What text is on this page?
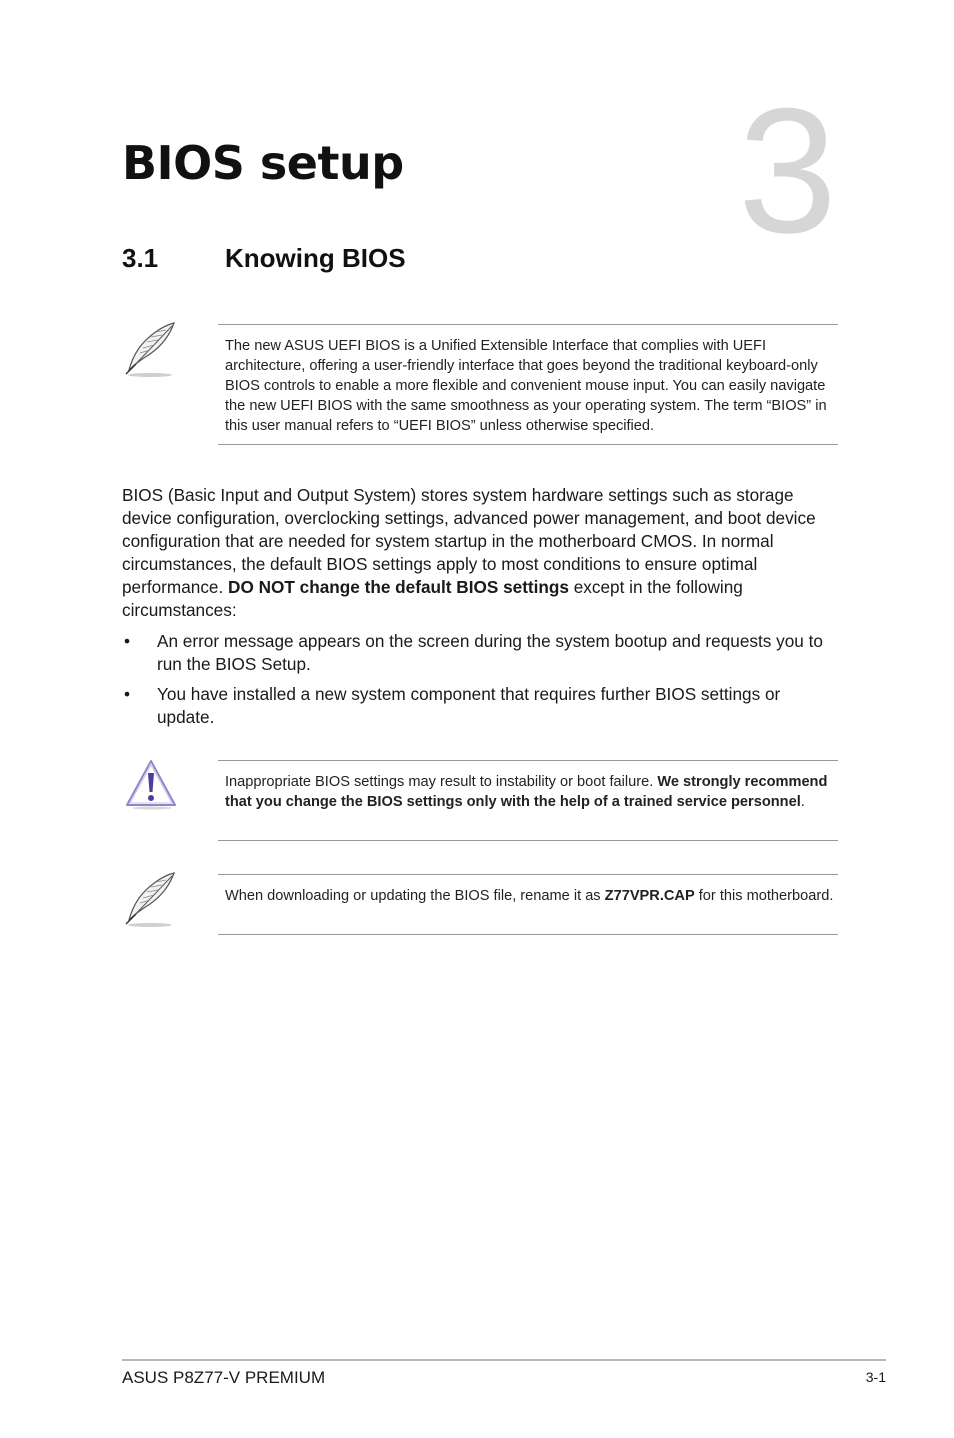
3
BIOS setup
3.1	Knowing BIOS

The new ASUS UEFI BIOS is a Unified Extensible Interface that complies with UEFI architecture, offering a user-friendly interface that goes beyond the traditional keyboard-only BIOS controls to enable a more flexible and convenient mouse input. You can easily navigate the new UEFI BIOS with the same smoothness as your operating system. The term “BIOS” in this user manual refers to “UEFI BIOS” unless otherwise specified.

BIOS (Basic Input and Output System) stores system hardware settings such as storage device configuration, overclocking settings, advanced power management, and boot device configuration that are needed for system startup in the motherboard CMOS. In normal circumstances, the default BIOS settings apply to most conditions to ensure optimal performance. DO NOT change the default BIOS settings except in the following circumstances:

• An error message appears on the screen during the system bootup and requests you to run the BIOS Setup.
• You have installed a new system component that requires further BIOS settings or update.

Inappropriate BIOS settings may result to instability or boot failure. We strongly recommend that you change the BIOS settings only with the help of a trained service personnel.

When downloading or updating the BIOS file, rename it as Z77VPR.CAP for this motherboard.

ASUS P8Z77-V PREMIUM	3-1
